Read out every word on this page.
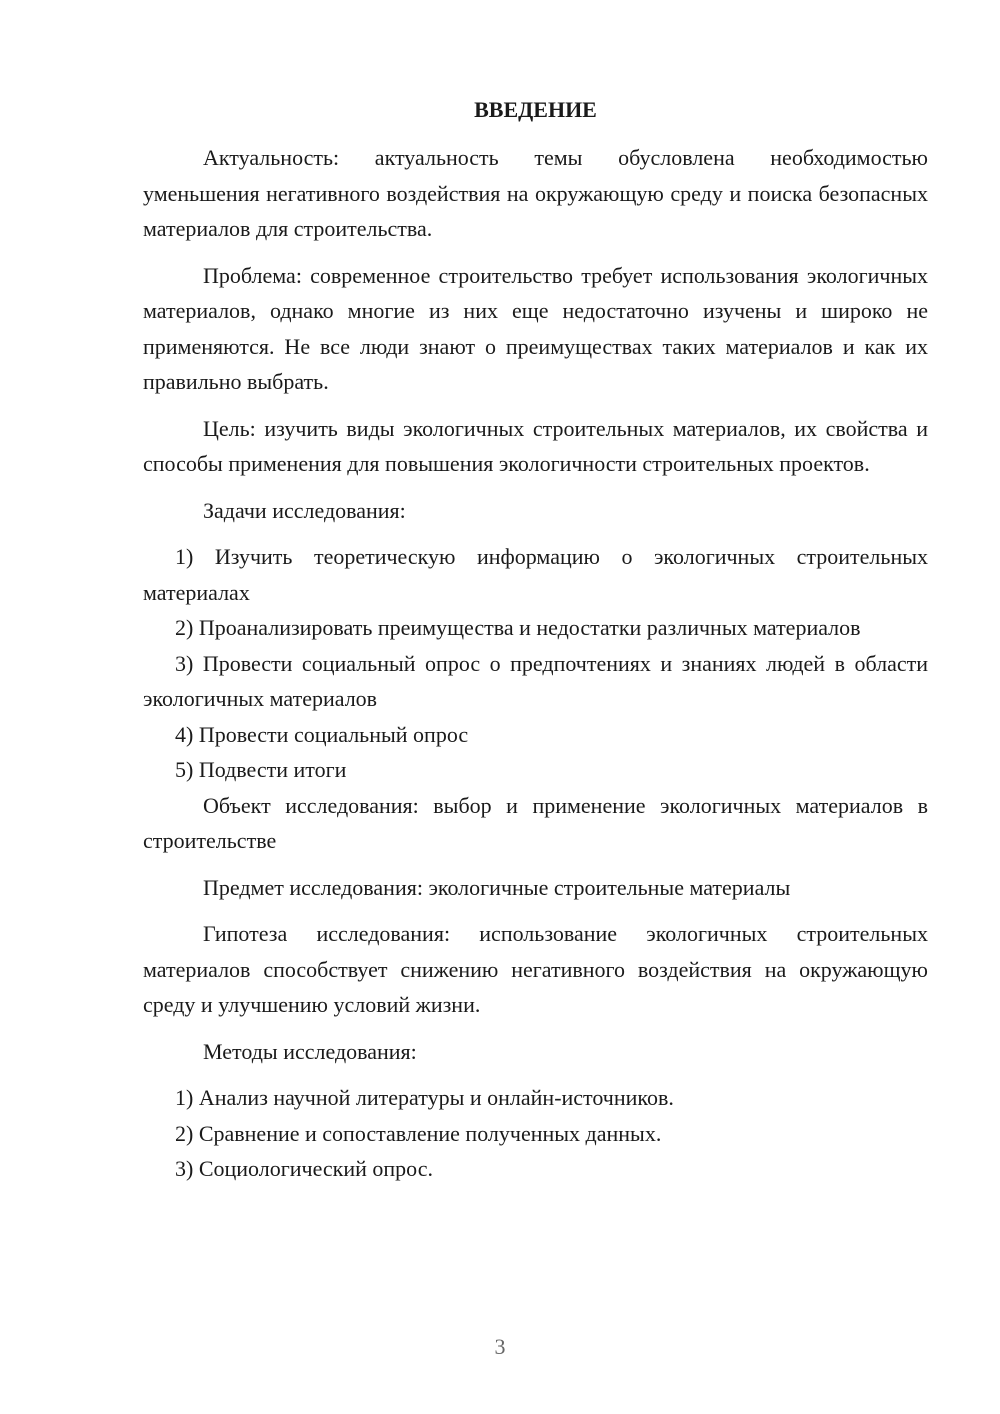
ВВЕДЕНИЕ

Актуальность: актуальность темы обусловлена необходимостью уменьшения негативного воздействия на окружающую среду и поиска безопасных материалов для строительства.

Проблема: современное строительство требует использования экологичных материалов, однако многие из них еще недостаточно изучены и широко не применяются. Не все люди знают о преимуществах таких материалов и как их правильно выбрать.

Цель: изучить виды экологичных строительных материалов, их свойства и способы применения для повышения экологичности строительных проектов.

Задачи исследования:

1) Изучить теоретическую информацию о экологичных строительных материалах

2) Проанализировать преимущества и недостатки различных материалов

3) Провести социальный опрос о предпочтениях и знаниях людей в области экологичных материалов

4) Провести социальный опрос

5) Подвести итоги

Объект исследования: выбор и применение экологичных материалов в строительстве

Предмет исследования: экологичные строительные материалы

Гипотеза исследования: использование экологичных строительных материалов способствует снижению негативного воздействия на окружающую среду и улучшению условий жизни.

Методы исследования:

1) Анализ научной литературы и онлайн-источников.

2) Сравнение и сопоставление полученных данных.

3) Социологический опрос.

3
